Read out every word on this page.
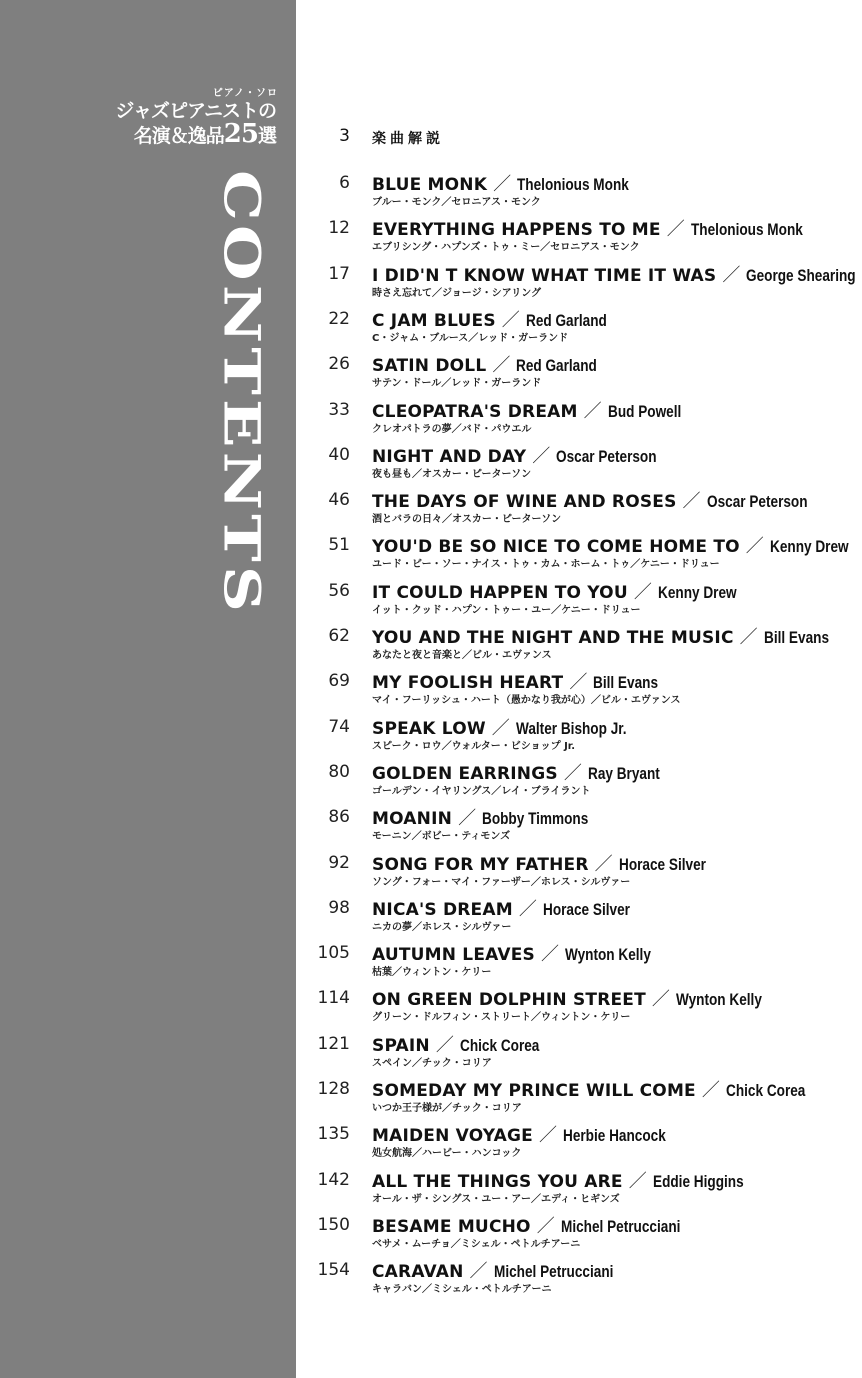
ピアノ・ソロ
ジャズピアニストの
名演＆逸品25選
CONTENTS
3 楽曲解説
6 BLUE MONK ／ Thelonious Monk
ブルー・モンク／セロニアス・モンク
12 EVERYTHING HAPPENS TO ME ／ Thelonious Monk
エブリシング・ハプンズ・トゥ・ミー／セロニアス・モンク
17 I DID'N T KNOW WHAT TIME IT WAS ／ George Shearing
時さえ忘れて／ジョージ・シアリング
22 C JAM BLUES ／ Red Garland
C・ジャム・ブルース／レッド・ガーランド
26 SATIN DOLL ／ Red Garland
サテン・ドール／レッド・ガーランド
33 CLEOPATRA'S DREAM ／ Bud Powell
クレオパトラの夢／バド・パウエル
40 NIGHT AND DAY ／ Oscar Peterson
夜も昼も／オスカー・ピーターソン
46 THE DAYS OF WINE AND ROSES ／ Oscar Peterson
酒とバラの日々／オスカー・ピーターソン
51 YOU'D BE SO NICE TO COME HOME TO ／ Kenny Drew
ユード・ビー・ソー・ナイス・トゥ・カム・ホーム・トゥ／ケニー・ドリュー
56 IT COULD HAPPEN TO YOU ／ Kenny Drew
イット・クッド・ハプン・トゥー・ユー／ケニー・ドリュー
62 YOU AND THE NIGHT AND THE MUSIC ／ Bill Evans
あなたと夜と音楽と／ビル・エヴァンス
69 MY FOOLISH HEART ／ Bill Evans
マイ・フーリッシュ・ハート（愚かなり我が心）／ビル・エヴァンス
74 SPEAK LOW ／ Walter Bishop Jr.
スピーク・ロウ／ウォルター・ビショップ Jr.
80 GOLDEN EARRINGS ／ Ray Bryant
ゴールデン・イヤリングス／レイ・ブライラント
86 MOANIN ／ Bobby Timmons
モーニン／ボビー・ティモンズ
92 SONG FOR MY FATHER ／ Horace Silver
ソング・フォー・マイ・ファーザー／ホレス・シルヴァー
98 NICA'S DREAM ／ Horace Silver
ニカの夢／ホレス・シルヴァー
105 AUTUMN LEAVES ／ Wynton Kelly
枯葉／ウィントン・ケリー
114 ON GREEN DOLPHIN STREET ／ Wynton Kelly
グリーン・ドルフィン・ストリート／ウィントン・ケリー
121 SPAIN ／ Chick Corea
スペイン／チック・コリア
128 SOMEDAY MY PRINCE WILL COME ／ Chick Corea
いつか王子様が／チック・コリア
135 MAIDEN VOYAGE ／ Herbie Hancock
処女航海／ハービー・ハンコック
142 ALL THE THINGS YOU ARE ／ Eddie Higgins
オール・ザ・シングス・ユー・アー／エディ・ヒギンズ
150 BESAME MUCHO ／ Michel Petrucciani
ベサメ・ムーチョ／ミシェル・ペトルチアーニ
154 CARAVAN ／ Michel Petrucciani
キャラバン／ミシェル・ペトルチアーニ
